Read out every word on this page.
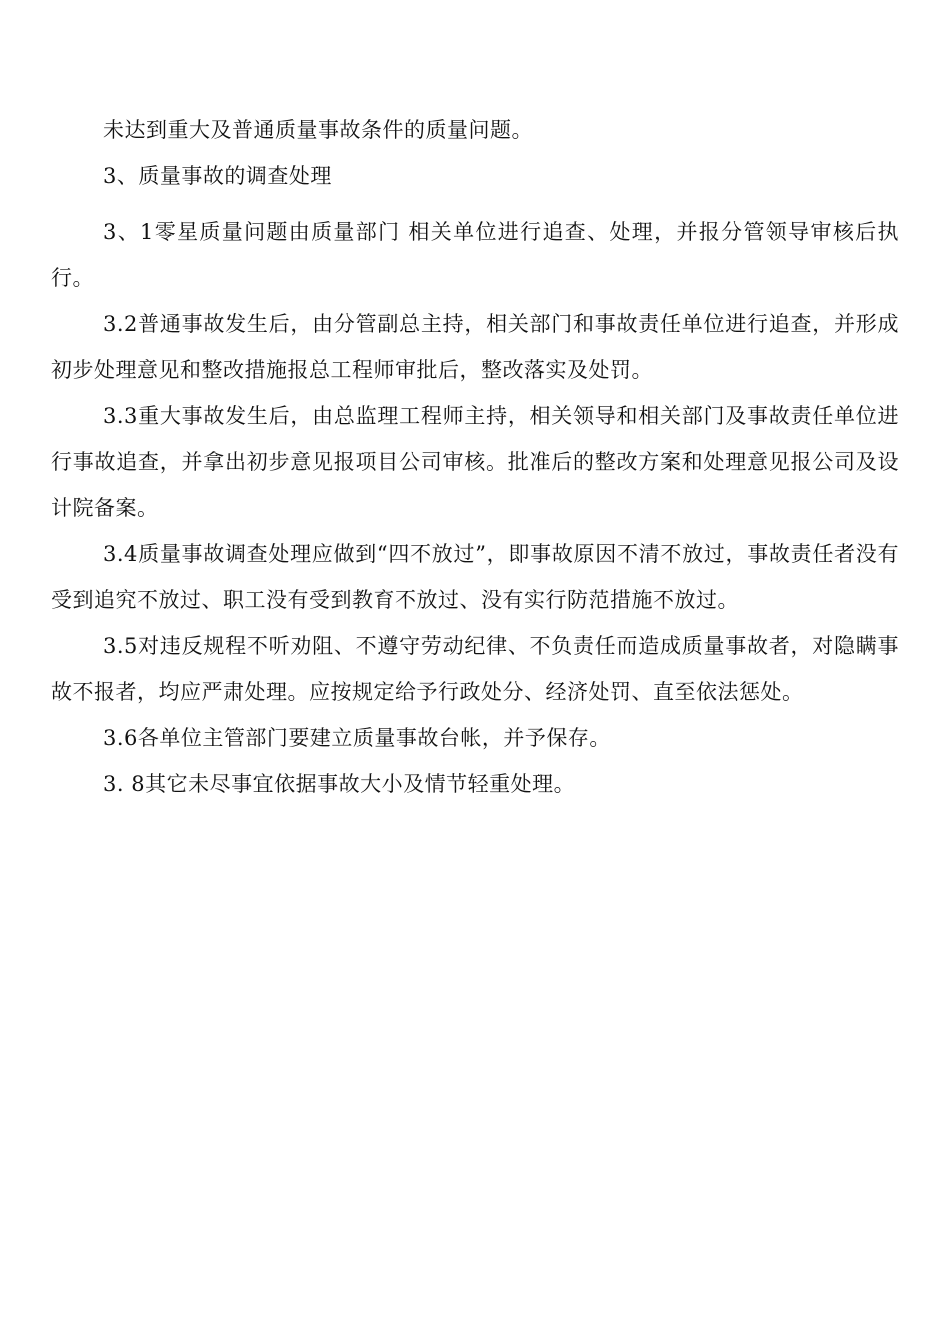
未达到重大及普通质量事故条件的质量问题。

3、质量事故的调查处理

3、1零星质量问题由质量部门 相关单位进行追查、处理，并报分管领导审核后执行。

3.2普通事故发生后，由分管副总主持，相关部门和事故责任单位进行追查，并形成初步处理意见和整改措施报总工程师审批后，整改落实及处罚。

3.3重大事故发生后，由总监理工程师主持，相关领导和相关部门及事故责任单位进行事故追查，并拿出初步意见报项目公司审核。批准后的整改方案和处理意见报公司及设计院备案。

3.4质量事故调查处理应做到“四不放过”，即事故原因不清不放过，事故责任者没有受到追究不放过、职工没有受到教育不放过、没有实行防范措施不放过。

3.5对违反规程不听劝阻、不遵守劳动纪律、不负责任而造成质量事故者，对隐瞒事故不报者，均应严肃处理。应按规定给予行政处分、经济处罚、直至依法惩处。

3.6各单位主管部门要建立质量事故台帐，并予保存。

3. 8其它未尽事宜依据事故大小及情节轻重处理。
